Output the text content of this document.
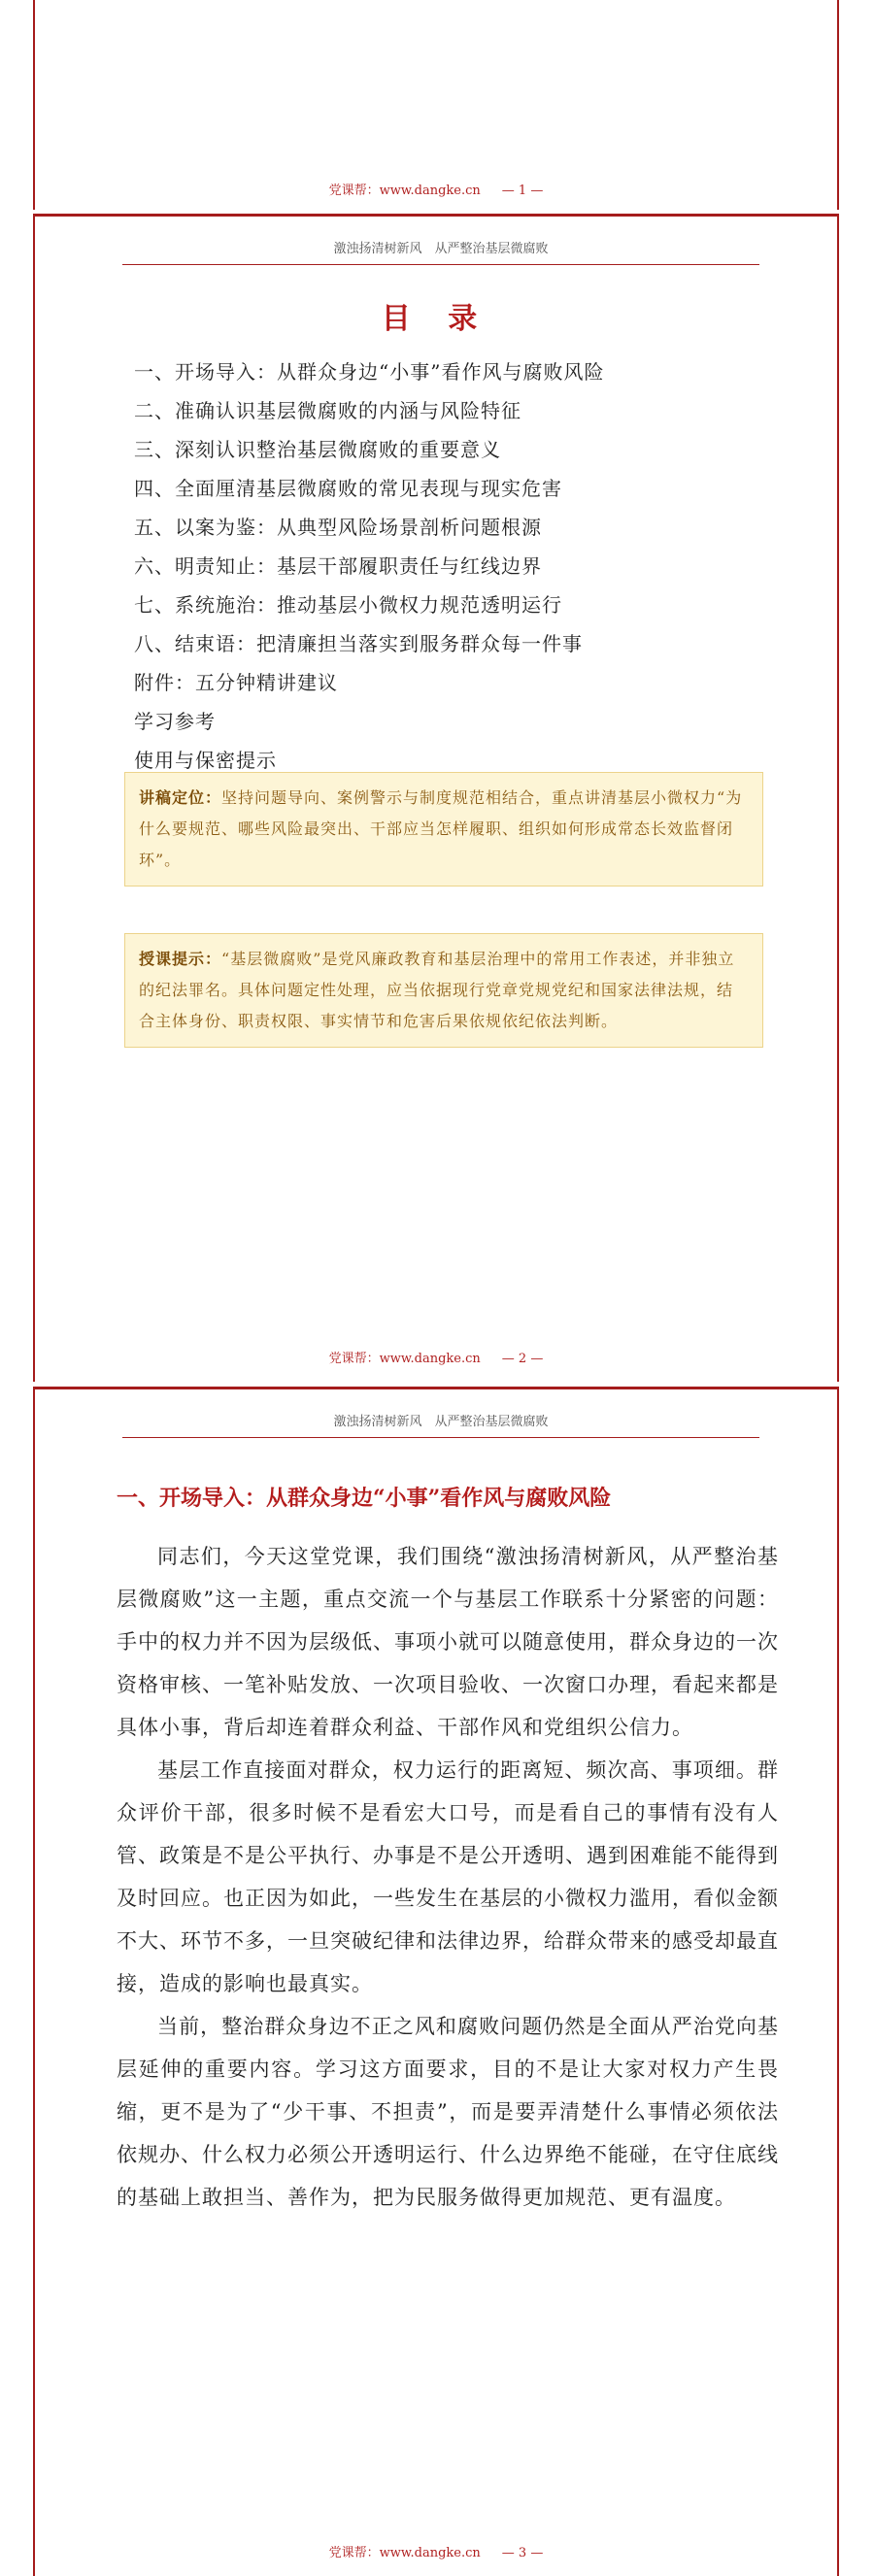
党课帮：www.dangke.cn — 1 —
激浊扬清树新风　从严整治基层微腐败
目 录
一、开场导入：从群众身边“小事”看作风与腐败风险
二、准确认识基层微腐败的内涵与风险特征
三、深刻认识整治基层微腐败的重要意义
四、全面厘清基层微腐败的常见表现与现实危害
五、以案为鉴：从典型风险场景剖析问题根源
六、明责知止：基层干部履职责任与红线边界
七、系统施治：推动基层小微权力规范透明运行
八、结束语：把清廉担当落实到服务群众每一件事
附件：五分钟精讲建议
学习参考
使用与保密提示
讲稿定位：坚持问题导向、案例警示与制度规范相结合，重点讲清基层小微权力“为什么要规范、哪些风险最突出、干部应当怎样履职、组织如何形成常态长效监督闭环”。
授课提示：“基层微腐败”是党风廉政教育和基层治理中的常用工作表述，并非独立的纪法罪名。具体问题定性处理，应当依据现行党章党规党纪和国家法律法规，结合主体身份、职责权限、事实情节和危害后果依规依纪依法判断。
党课帮：www.dangke.cn — 2 —
激浊扬清树新风　从严整治基层微腐败
一、开场导入：从群众身边“小事”看作风与腐败风险

同志们，今天这堂党课，我们围绕“激浊扬清树新风，从严整治基层微腐败”这一主题，重点交流一个与基层工作联系十分紧密的问题：手中的权力并不因为层级低、事项小就可以随意使用，群众身边的一次资格审核、一笔补贴发放、一次项目验收、一次窗口办理，看起来都是具体小事，背后却连着群众利益、干部作风和党组织公信力。

基层工作直接面对群众，权力运行的距离短、频次高、事项细。群众评价干部，很多时候不是看宏大口号，而是看自己的事情有没有人管、政策是不是公平执行、办事是不是公开透明、遇到困难能不能得到及时回应。也正因为如此，一些发生在基层的小微权力滥用，看似金额不大、环节不多，一旦突破纪律和法律边界，给群众带来的感受却最直接，造成的影响也最真实。

当前，整治群众身边不正之风和腐败问题仍然是全面从严治党向基层延伸的重要内容。学习这方面要求，目的不是让大家对权力产生畏缩，更不是为了“少干事、不担责”，而是要弄清楚什么事情必须依法依规办、什么权力必须公开透明运行、什么边界绝不能碰，在守住底线的基础上敢担当、善作为，把为民服务做得更加规范、更有温度。

党课帮：www.dangke.cn — 3 —
